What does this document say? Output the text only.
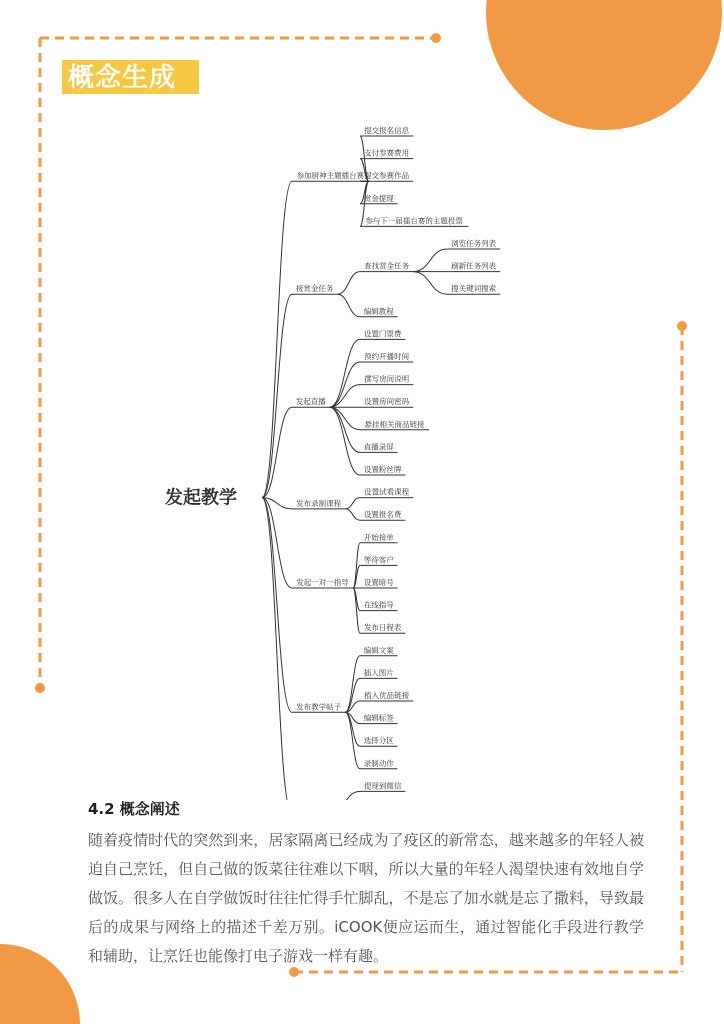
概念生成
发起教学
参加厨神主题擂台赛
提交报名信息
支付参赛费用
提交参赛作品
赏金提现
参与下一届擂台赛的主题投票
接赏金任务
查找赏金任务
浏览任务列表
刷新任务列表
搜关键词搜索
编辑教程
发起直播
设置门票费
预约开播时间
撰写房间说明
设置房间密码
悬挂相关商品链接
直播录屏
设置粉丝牌
发布录制课程
设置试看课程
设置报名费
发起一对一指导
开始接单
等待客户
设置暗号
在线指导
发布日程表
发布教学帖子
编辑文案
插入图片
植入优品链接
编辑标签
选择分区
录制动作
提现到微信
4.2 概念阐述

随着疫情时代的突然到来，居家隔离已经成为了疫区的新常态，越来越多的年轻人被迫自己烹饪，但自己做的饭菜往往难以下咽，所以大量的年轻人渴望快速有效地自学做饭。很多人在自学做饭时往往忙得手忙脚乱，不是忘了加水就是忘了撒料，导致最后的成果与网络上的描述千差万别。iCOOK便应运而生，通过智能化手段进行教学和辅助，让烹饪也能像打电子游戏一样有趣。
